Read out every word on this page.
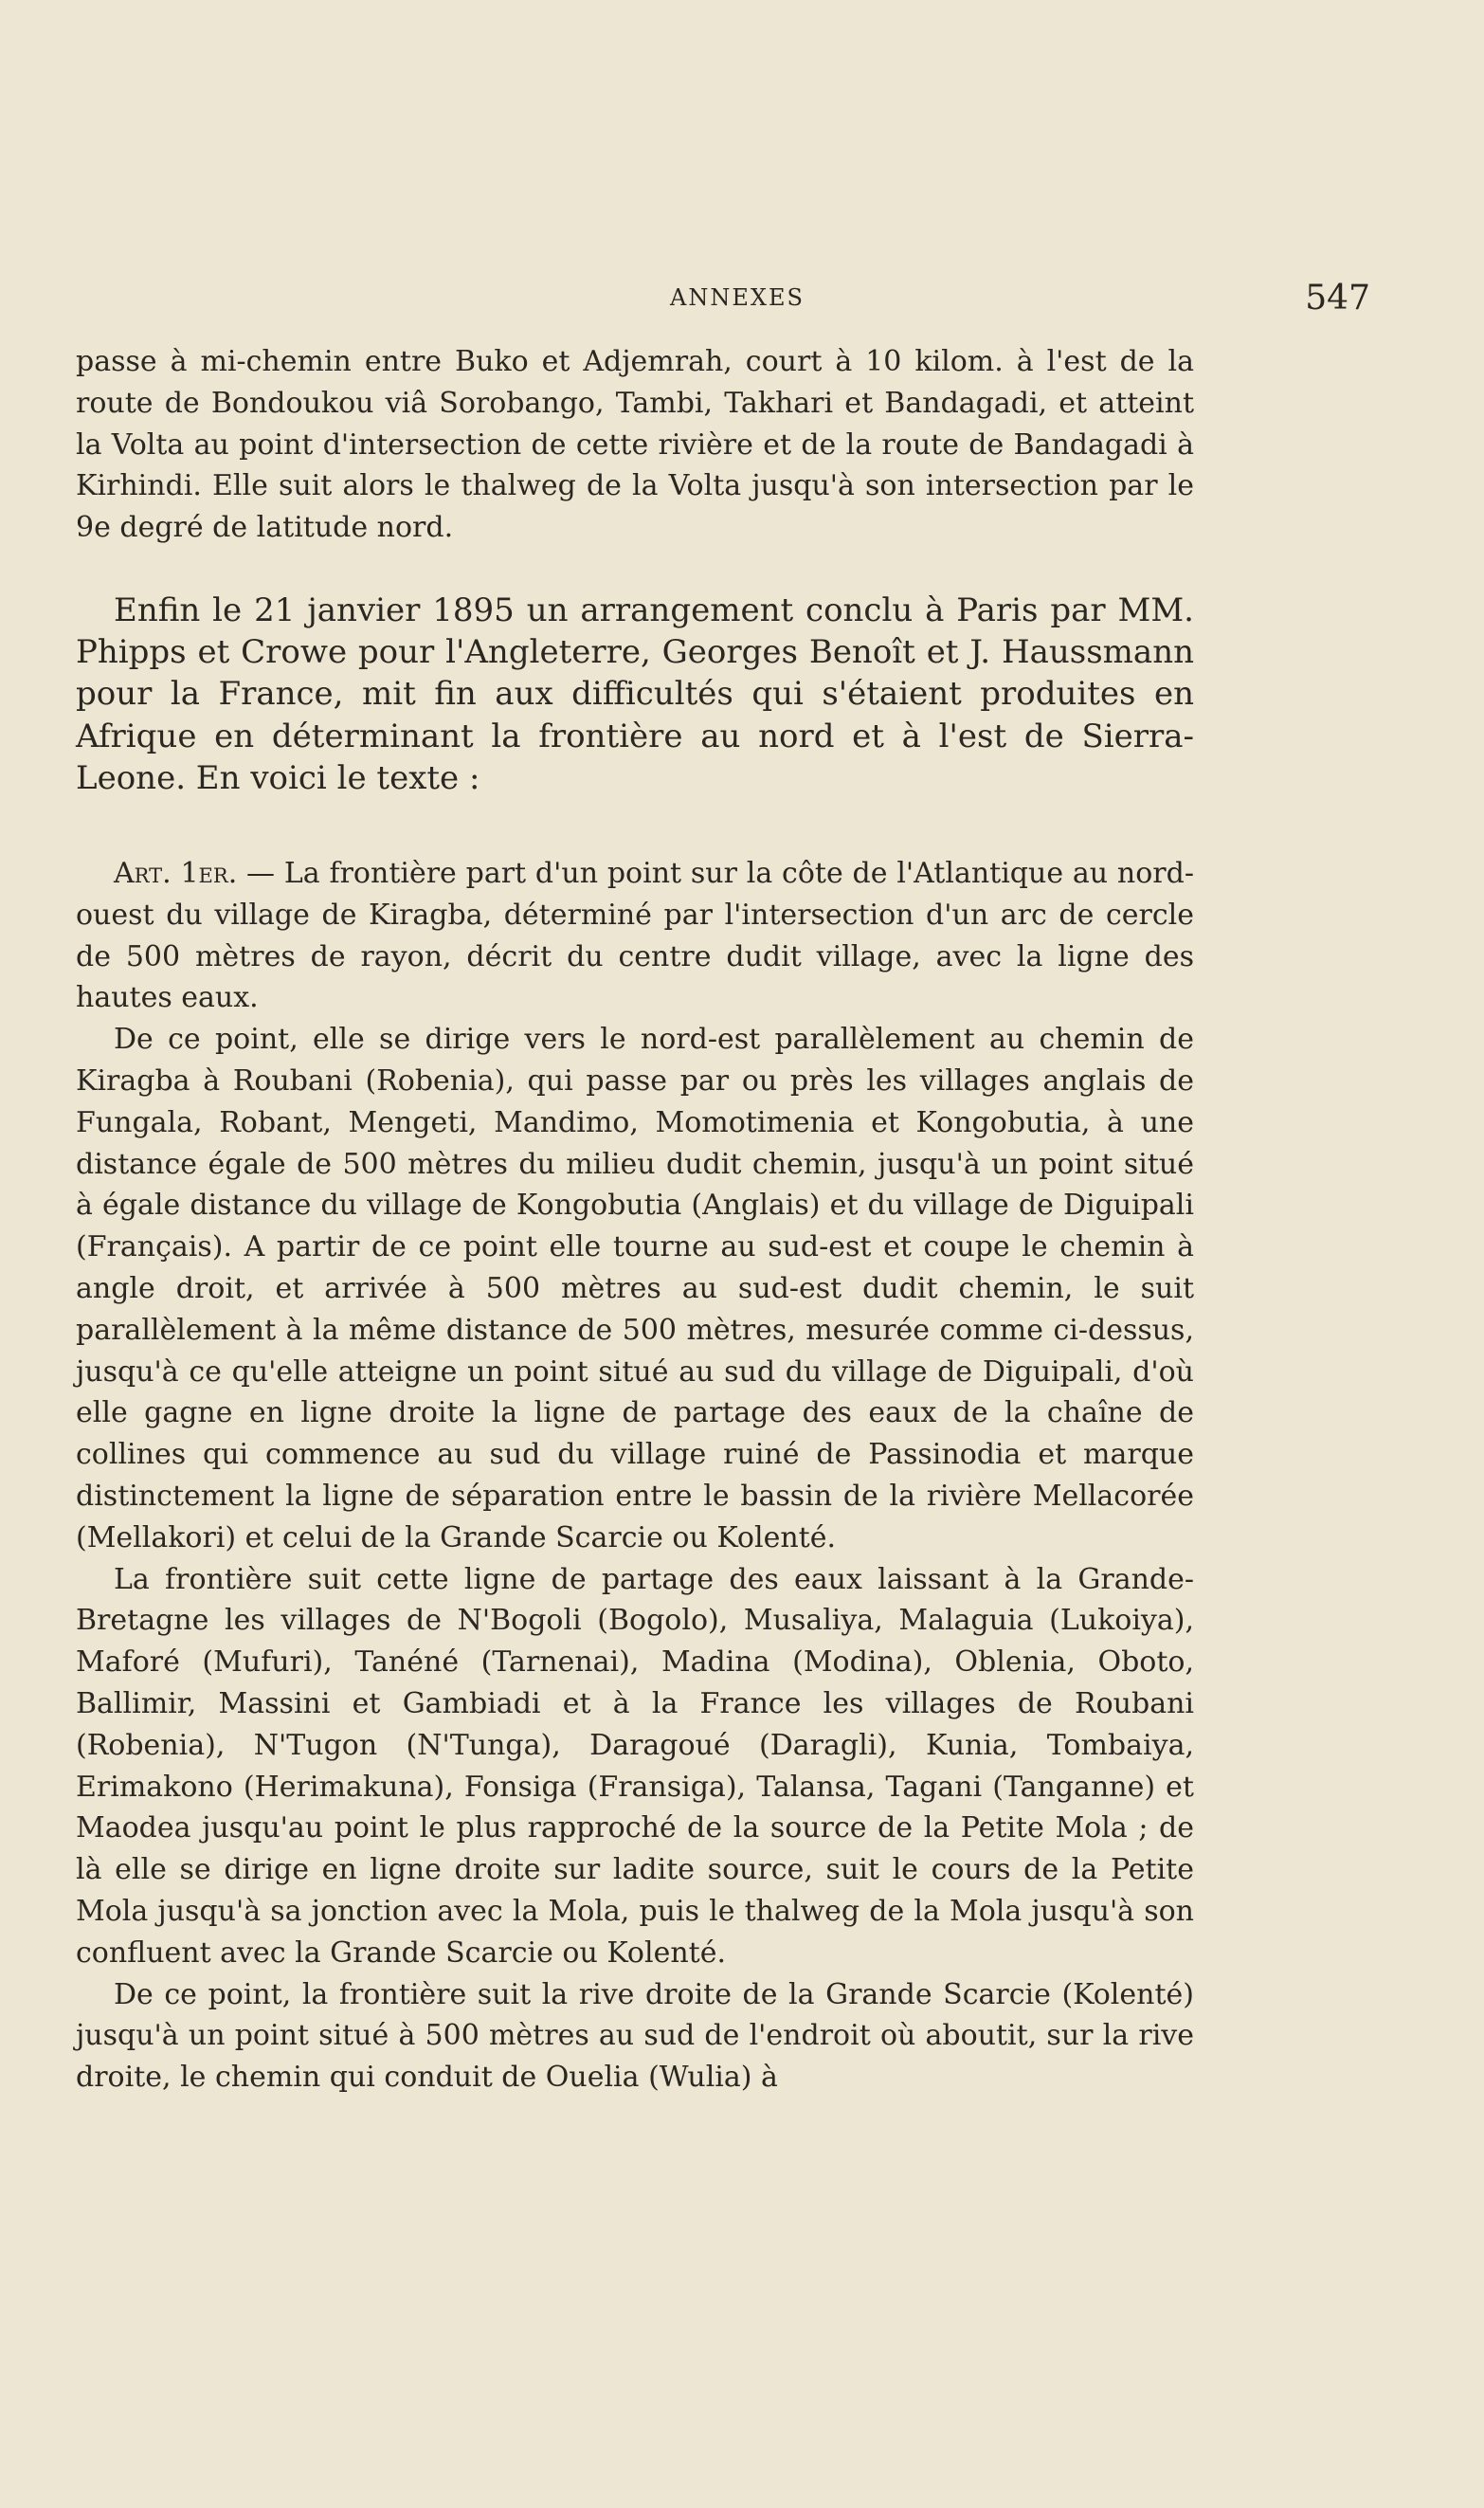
ANNEXES	547

passe à mi-chemin entre Buko et Adjemrah, court à 10 kilom. à l'est de la route de Bondoukou viâ Sorobango, Tambi, Takhari et Bandagadi, et atteint la Volta au point d'intersection de cette rivière et de la route de Bandagadi à Kirhindi. Elle suit alors le thalweg de la Volta jusqu'à son intersection par le 9e degré de latitude nord.

Enfin le 21 janvier 1895 un arrangement conclu à Paris par MM. Phipps et Crowe pour l'Angleterre, Georges Benoît et J. Haussmann pour la France, mit fin aux difficultés qui s'étaient produites en Afrique en déterminant la frontière au nord et à l'est de Sierra-Leone. En voici le texte :

Art. 1er. — La frontière part d'un point sur la côte de l'Atlantique au nord-ouest du village de Kiragba, déterminé par l'intersection d'un arc de cercle de 500 mètres de rayon, décrit du centre dudit village, avec la ligne des hautes eaux.

De ce point, elle se dirige vers le nord-est parallèlement au chemin de Kiragba à Roubani (Robenia), qui passe par ou près les villages anglais de Fungala, Robant, Mengeti, Mandimo, Momotimenia et Kongobutia, à une distance égale de 500 mètres du milieu dudit chemin, jusqu'à un point situé à égale distance du village de Kongobutia (Anglais) et du village de Diguipali (Français). A partir de ce point elle tourne au sud-est et coupe le chemin à angle droit, et arrivée à 500 mètres au sud-est dudit chemin, le suit parallèlement à la même distance de 500 mètres, mesurée comme ci-dessus, jusqu'à ce qu'elle atteigne un point situé au sud du village de Diguipali, d'où elle gagne en ligne droite la ligne de partage des eaux de la chaîne de collines qui commence au sud du village ruiné de Passinodia et marque distinctement la ligne de séparation entre le bassin de la rivière Mellacorée (Mellakori) et celui de la Grande Scarcie ou Kolenté.

La frontière suit cette ligne de partage des eaux laissant à la Grande-Bretagne les villages de N'Bogoli (Bogolo), Musaliya, Malaguia (Lukoiya), Maforé (Mufuri), Tanéné (Tarnenai), Madina (Modina), Oblenia, Oboto, Ballimir, Massini et Gambiadi et à la France les villages de Roubani (Robenia), N'Tugon (N'Tunga), Daragoué (Daragli), Kunia, Tombaiya, Erimakono (Herimakuna), Fonsiga (Fransiga), Talansa, Tagani (Tanganne) et Maodea jusqu'au point le plus rapproché de la source de la Petite Mola ; de là elle se dirige en ligne droite sur ladite source, suit le cours de la Petite Mola jusqu'à sa jonction avec la Mola, puis le thalweg de la Mola jusqu'à son confluent avec la Grande Scarcie ou Kolenté.

De ce point, la frontière suit la rive droite de la Grande Scarcie (Kolenté) jusqu'à un point situé à 500 mètres au sud de l'endroit où aboutit, sur la rive droite, le chemin qui conduit de Ouelia (Wulia) à
